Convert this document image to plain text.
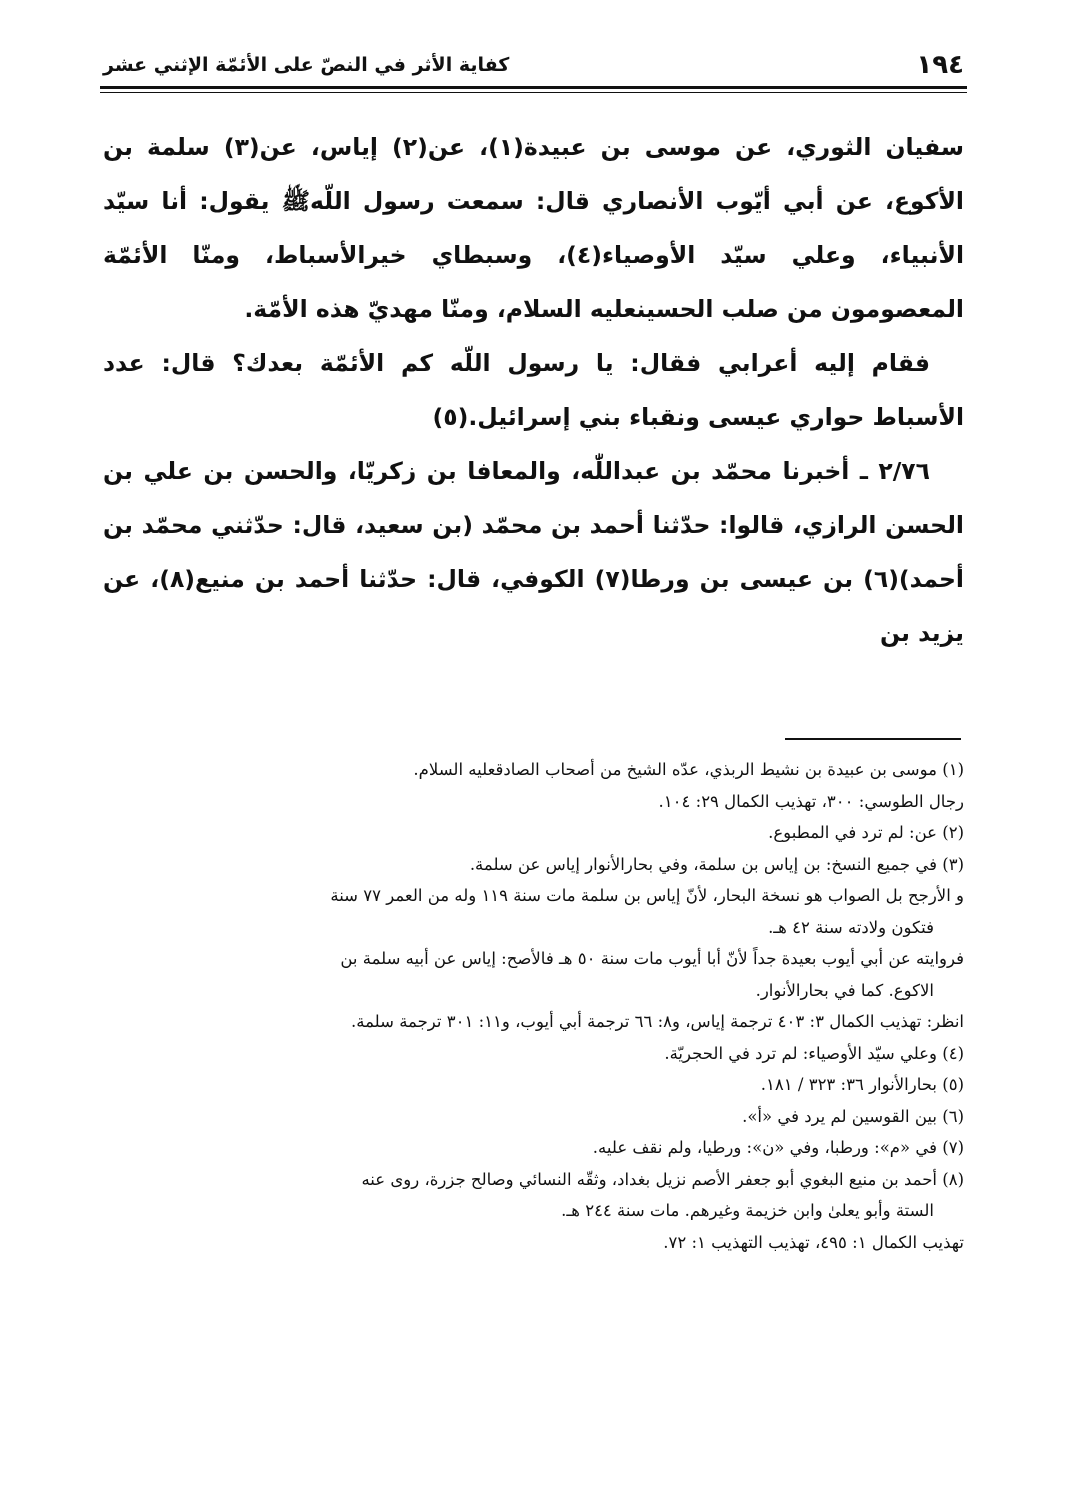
١٩٤
كفاية الأثر في النصّ على الأئمّة الإثني عشر

سفيان الثوري، عن موسى بن عبيدة(١)، عن(٢) إياس، عن(٣) سلمة بن الأكوع، عن أبي أيّوب الأنصاري قال: سمعت رسول اللّهﷺ يقول: أنا سيّد الأنبياء، وعلي سيّد الأوصياء(٤)، وسبطاي خيرالأسباط، ومنّا الأئمّة المعصومون من صلب الحسينعليه السلام، ومنّا مهديّ هذه الأمّة.

فقام إليه أعرابي فقال: يا رسول اللّه كم الأئمّة بعدك؟ قال: عدد الأسباط حواري عيسى ونقباء بني إسرائيل.(٥)

٢/٧٦ ـ أخبرنا محمّد بن عبداللّٰه، والمعافا بن زكريّا، والحسن بن علي بن الحسن الرازي، قالوا: حدّثنا أحمد بن محمّد (بن سعيد، قال: حدّثني محمّد بن أحمد)(٦) بن عيسى بن ورطا(٧) الكوفي، قال: حدّثنا أحمد بن منيع(٨)، عن يزيد بن

(١) موسى بن عبيدة بن نشيط الربذي، عدّه الشيخ من أصحاب الصادقعليه السلام.

رجال الطوسي: ٣٠٠، تهذيب الكمال ٢٩: ١٠٤.

(٢) عن: لم ترد في المطبوع.

(٣) في جميع النسخ: بن إياس بن سلمة، وفي بحارالأنوار إياس عن سلمة.

و الأرجح بل الصواب هو نسخة البحار، لأنّ إياس بن سلمة مات سنة ١١٩ وله من العمر ٧٧ سنة

فتكون ولادته سنة ٤٢ هـ.

فروايته عن أبي أيوب بعيدة جداً لأنّ أبا أيوب مات سنة ٥٠ هـ فالأصح: إياس عن أبيه سلمة بن

الاكوع. كما في بحارالأنوار.

انظر: تهذيب الكمال ٣: ٤٠٣ ترجمة إياس، و٨: ٦٦ ترجمة أبي أيوب، و١١: ٣٠١ ترجمة سلمة.

(٤) وعلي سيّد الأوصياء: لم ترد في الحجريّة.

(٥) بحارالأنوار ٣٦: ٣٢٣ / ١٨١.

(٦) بين القوسين لم يرد في «أ».

(٧) في «م»: ورطبا، وفي «ن»: ورطيا، ولم نقف عليه.

(٨) أحمد بن منيع البغوي أبو جعفر الأصم نزيل بغداد، وثقّه النسائي وصالح جزرة، روى عنه

الستة وأبو يعلىٰ وابن خزيمة وغيرهم. مات سنة ٢٤٤ هـ.

تهذيب الكمال ١: ٤٩٥، تهذيب التهذيب ١: ٧٢.
